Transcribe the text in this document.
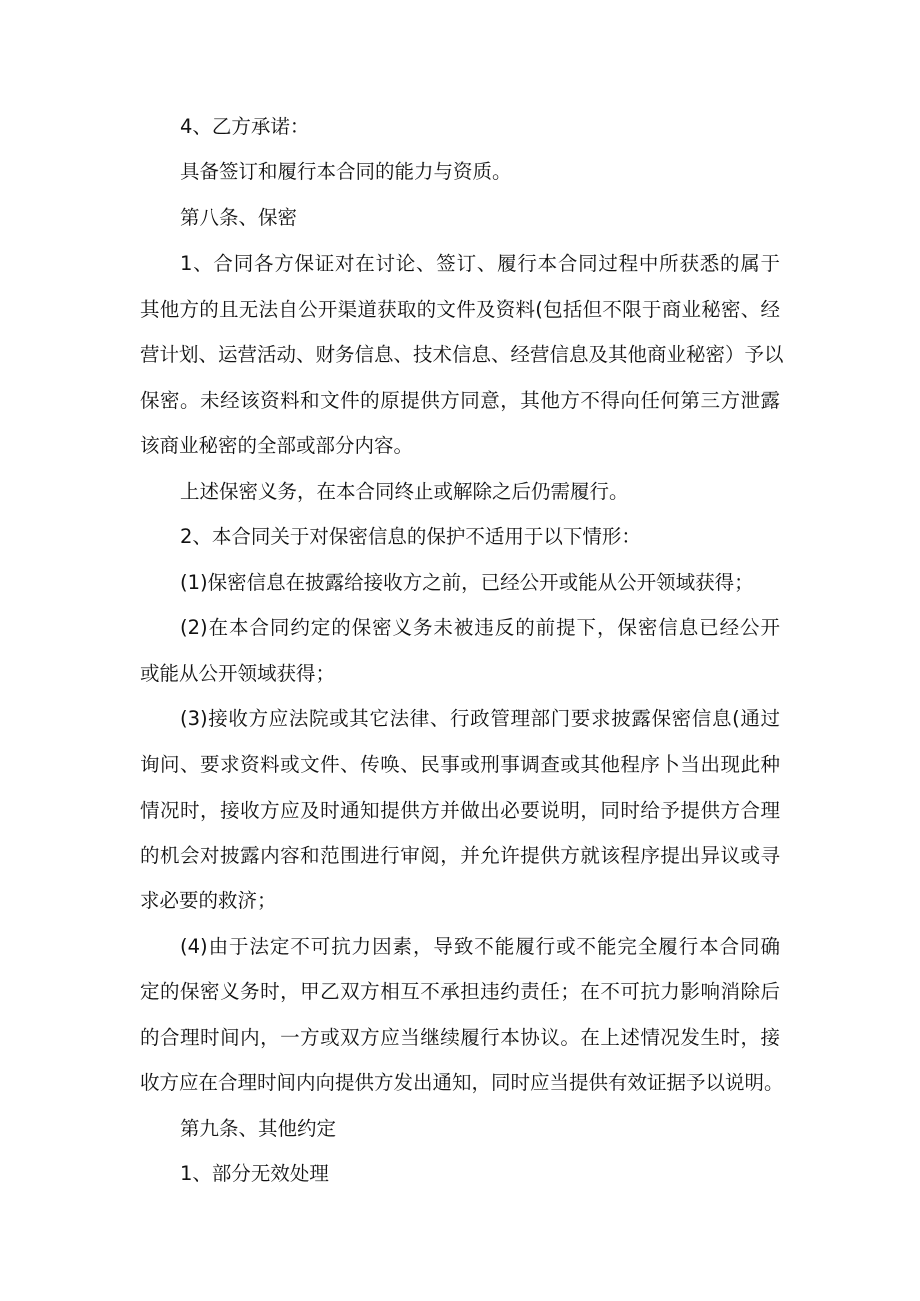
4、乙方承诺：
具备签订和履行本合同的能力与资质。
第八条、保密
1、合同各方保证对在讨论、签订、履行本合同过程中所获悉的属于
其他方的且无法自公开渠道获取的文件及资料(包括但不限于商业秘密、经
营计划、运营活动、财务信息、技术信息、经营信息及其他商业秘密）予以
保密。未经该资料和文件的原提供方同意，其他方不得向任何第三方泄露
该商业秘密的全部或部分内容。
上述保密义务，在本合同终止或解除之后仍需履行。
2、本合同关于对保密信息的保护不适用于以下情形：
(1)保密信息在披露给接收方之前，已经公开或能从公开领域获得；
(2)在本合同约定的保密义务未被违反的前提下，保密信息已经公开
或能从公开领域获得；
(3)接收方应法院或其它法律、行政管理部门要求披露保密信息(通过
询问、要求资料或文件、传唤、民事或刑事调查或其他程序卜当出现此种
情况时，接收方应及时通知提供方并做出必要说明，同时给予提供方合理
的机会对披露内容和范围进行审阅，并允许提供方就该程序提出异议或寻
求必要的救济；
(4)由于法定不可抗力因素，导致不能履行或不能完全履行本合同确
定的保密义务时，甲乙双方相互不承担违约责任；在不可抗力影响消除后
的合理时间内，一方或双方应当继续履行本协议。在上述情况发生时，接
收方应在合理时间内向提供方发出通知，同时应当提供有效证据予以说明。
第九条、其他约定
1、部分无效处理
